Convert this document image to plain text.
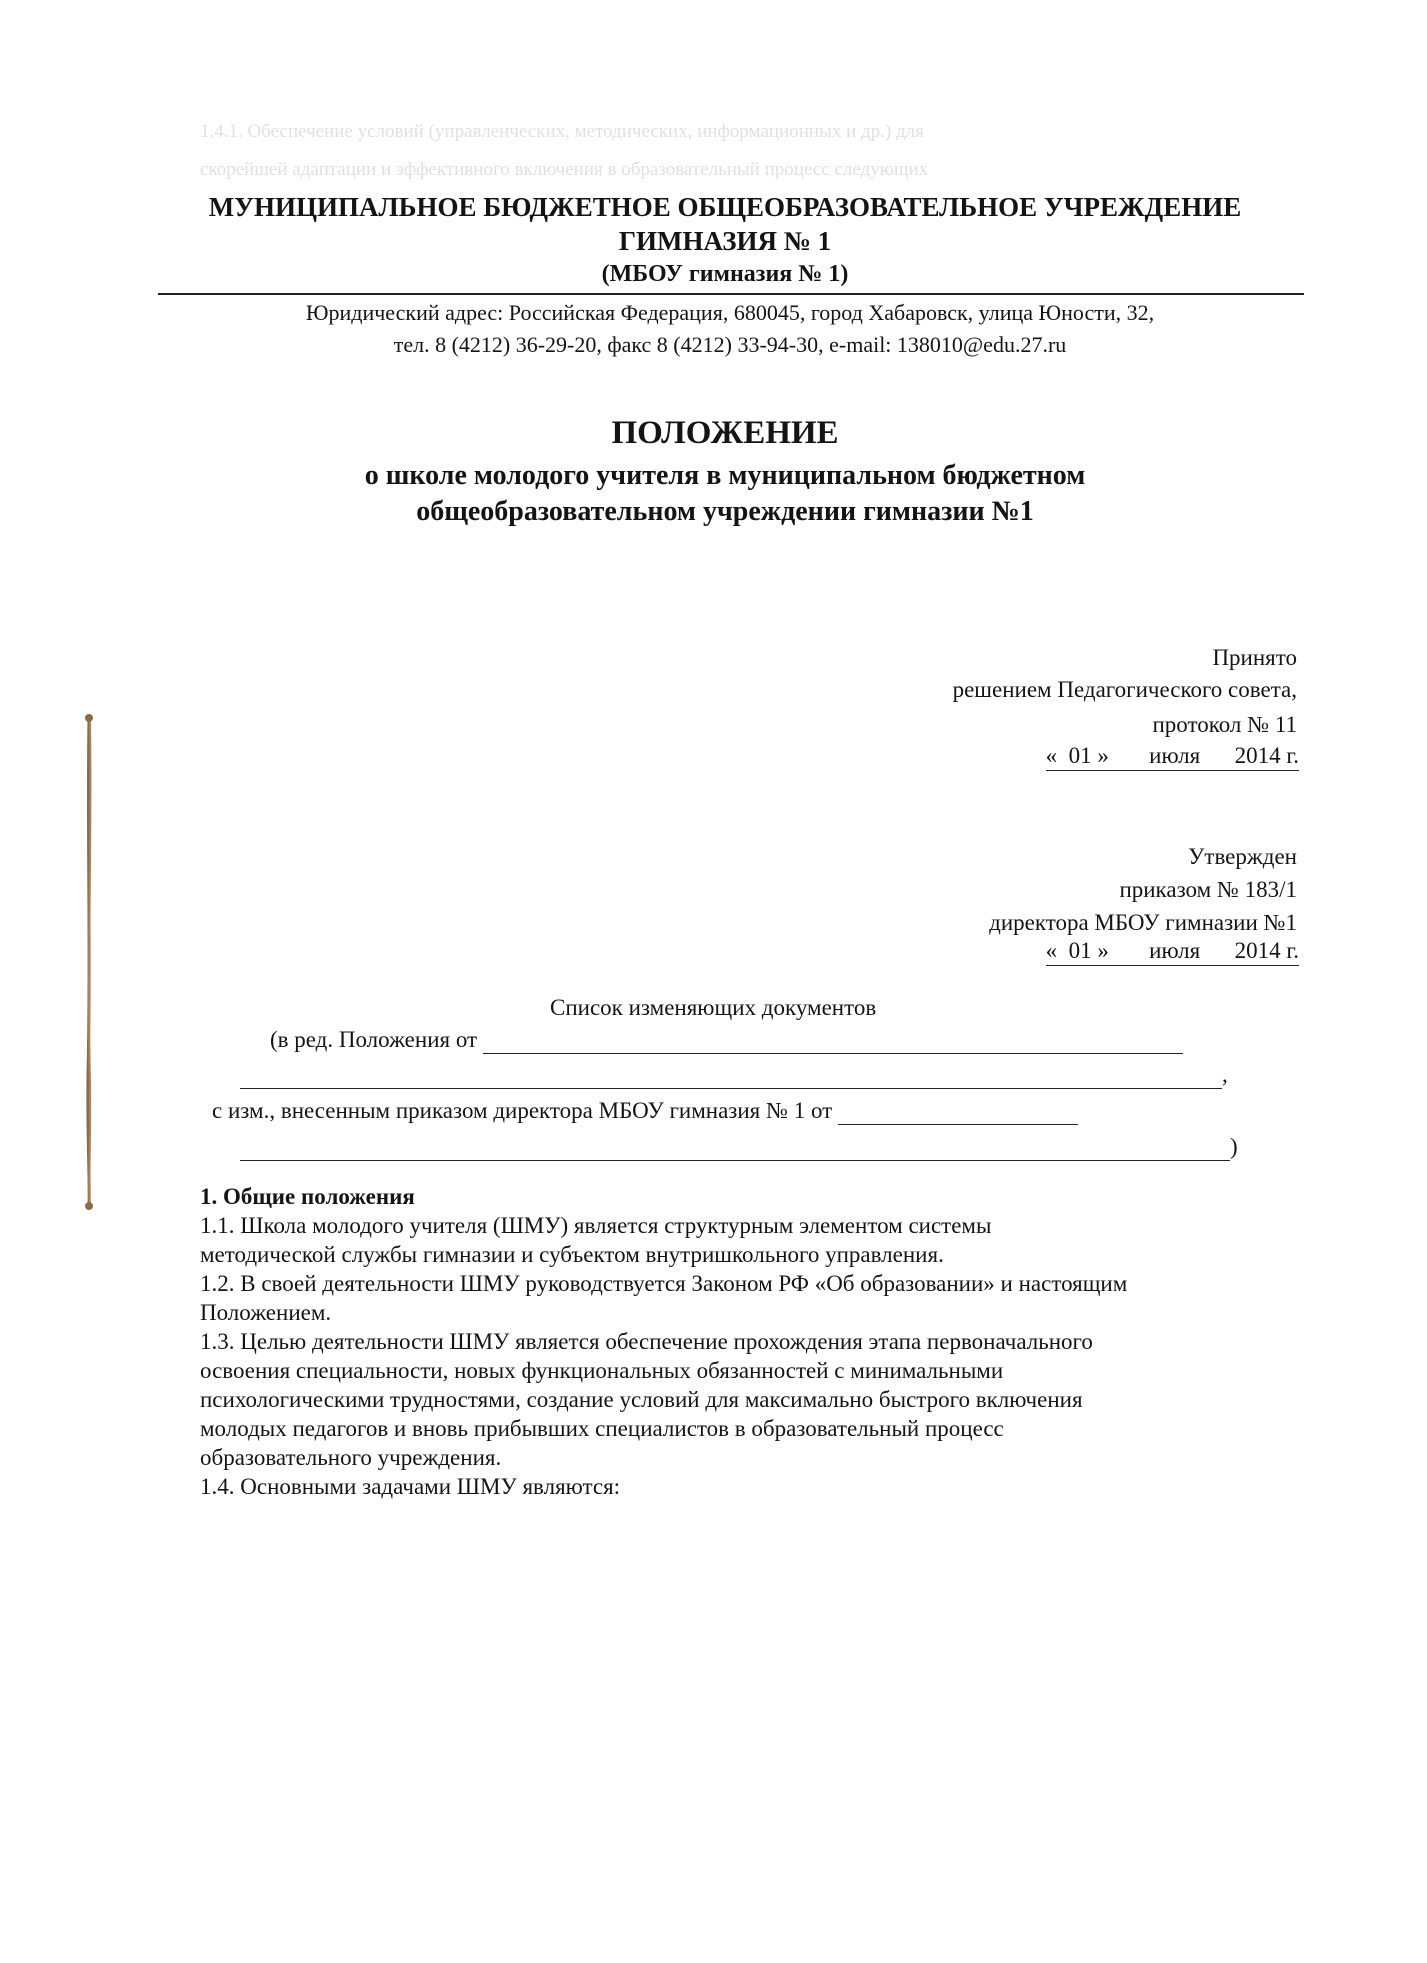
1.4.1. Обеспечение условий (управленческих, методических, информационных и др.) для

скорейшей адаптации и эффективного включения в образовательный процесс следующих

МУНИЦИПАЛЬНОЕ БЮДЖЕТНОЕ ОБЩЕОБРАЗОВАТЕЛЬНОЕ УЧРЕЖДЕНИЕ
ГИМНАЗИЯ № 1
(МБОУ гимназия № 1)
Юридический адрес: Российская Федерация, 680045, город Хабаровск, улица Юности, 32,
тел. 8 (4212) 36-29-20, факс 8 (4212) 33-94-30, e-mail: 138010@edu.27.ru
ПОЛОЖЕНИЕ
о школе молодого учителя в муниципальном бюджетном
общеобразовательном учреждении гимназии №1
Принято
решением Педагогического совета,
протокол № 11
«  01 »       июля      2014 г.
Утвержден
приказом № 183/1
директора МБОУ гимназии №1
«  01 »       июля      2014 г.
Список изменяющих документов
(в ред. Положения от
,
с изм., внесенным приказом директора МБОУ гимназия № 1 от
)

1. Общие положения

1.1. Школа молодого учителя (ШМУ) является структурным элементом системы

методической службы гимназии и субъектом внутришкольного управления.

1.2. В своей деятельности ШМУ руководствуется Законом РФ «Об образовании» и настоящим

Положением.

1.3. Целью деятельности ШМУ является обеспечение прохождения этапа первоначального

освоения специальности, новых функциональных обязанностей с минимальными

психологическими трудностями, создание условий для максимально быстрого включения

молодых педагогов и вновь прибывших специалистов в образовательный процесс

образовательного учреждения.

1.4. Основными задачами ШМУ являются:
